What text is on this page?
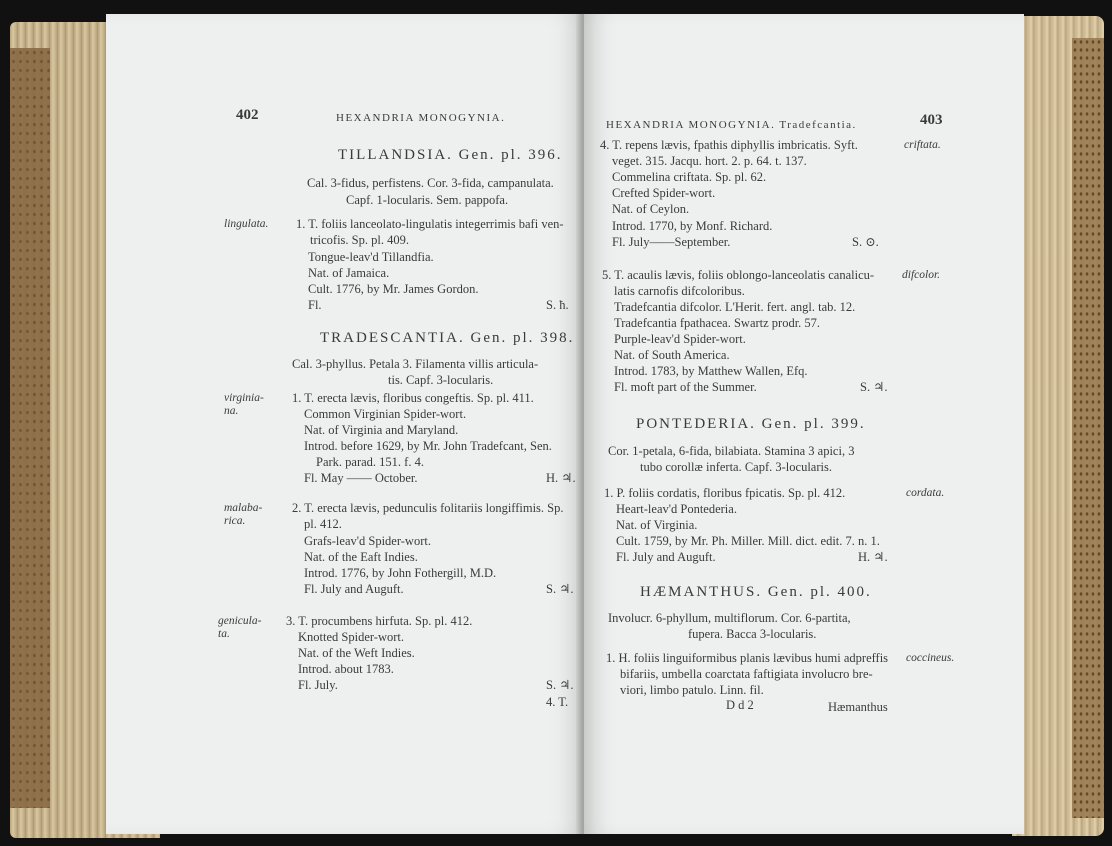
402	HEXANDRIA MONOGYNIA.
TILLANDSIA. Gen. pl. 396.
Cal. 3-fidus, perfistens. Cor. 3-fida, campanulata.
Capf. 1-locularis. Sem. pappofa.
1. T. foliis lanceolato-lingulatis integerrimis bafi ven-
tricofis. Sp. pl. 409.
Tongue-leav'd Tillandfia.
Nat. of Jamaica.
Cult. 1776, by Mr. James Gordon.
Fl.	S. ħ.
TRADESCANTIA. Gen. pl. 398.
Cal. 3-phyllus. Petala 3. Filamenta villis articula-
tis. Capf. 3-locularis.
1. T. erecta lævis, floribus congeftis. Sp. pl. 411.
Common Virginian Spider-wort.
Nat. of Virginia and Maryland.
Introd. before 1629, by Mr. John Tradefcant, Sen.
Park. parad. 151. f. 4.
Fl. May —— October.	H. ♃.
2. T. erecta lævis, pedunculis folitariis longiffimis. Sp.
pl. 412.
Grafs-leav'd Spider-wort.
Nat. of the Eaft Indies.
Introd. 1776, by John Fothergill, M.D.
Fl. July and Auguft.	S. ♃.
3. T. procumbens hirfuta. Sp. pl. 412.
Knotted Spider-wort.
Nat. of the Weft Indies.
Introd. about 1783.
Fl. July.	S. ♃.
4. T.
lingulata.
virginia-
na.
malaba-
rica.
genicula-
ta.
HEXANDRIA MONOGYNIA. Tradefcantia.	403
4. T. repens lævis, fpathis diphyllis imbricatis. Syft.
veget. 315. Jacqu. hort. 2. p. 64. t. 137.
Commelina criftata. Sp. pl. 62.
Crefted Spider-wort.
Nat. of Ceylon.
Introd. 1770, by Monf. Richard.
Fl. July——September.	S. ⊙.
5. T. acaulis lævis, foliis oblongo-lanceolatis canalicu-
latis carnofis difcoloribus.
Tradefcantia difcolor. L'Herit. fert. angl. tab. 12.
Tradefcantia fpathacea. Swartz prodr. 57.
Purple-leav'd Spider-wort.
Nat. of South America.
Introd. 1783, by Matthew Wallen, Efq.
Fl. moft part of the Summer.	S. ♃.
PONTEDERIA. Gen. pl. 399.
Cor. 1-petala, 6-fida, bilabiata. Stamina 3 apici, 3
tubo corollæ inferta. Capf. 3-locularis.
1. P. foliis cordatis, floribus fpicatis. Sp. pl. 412.
Heart-leav'd Pontederia.
Nat. of Virginia.
Cult. 1759, by Mr. Ph. Miller. Mill. dict. edit. 7. n. 1.
Fl. July and Auguft.	H. ♃.
HÆMANTHUS. Gen. pl. 400.
Involucr. 6-phyllum, multiflorum. Cor. 6-partita,
fupera. Bacca 3-locularis.
1. H. foliis linguiformibus planis lævibus humi adpreffis
bifariis, umbella coarctata faftigiata involucro bre-
viori, limbo patulo. Linn. fil.
D d 2	Hæmanthus
criftata.
difcolor.
cordata.
coccineus.
